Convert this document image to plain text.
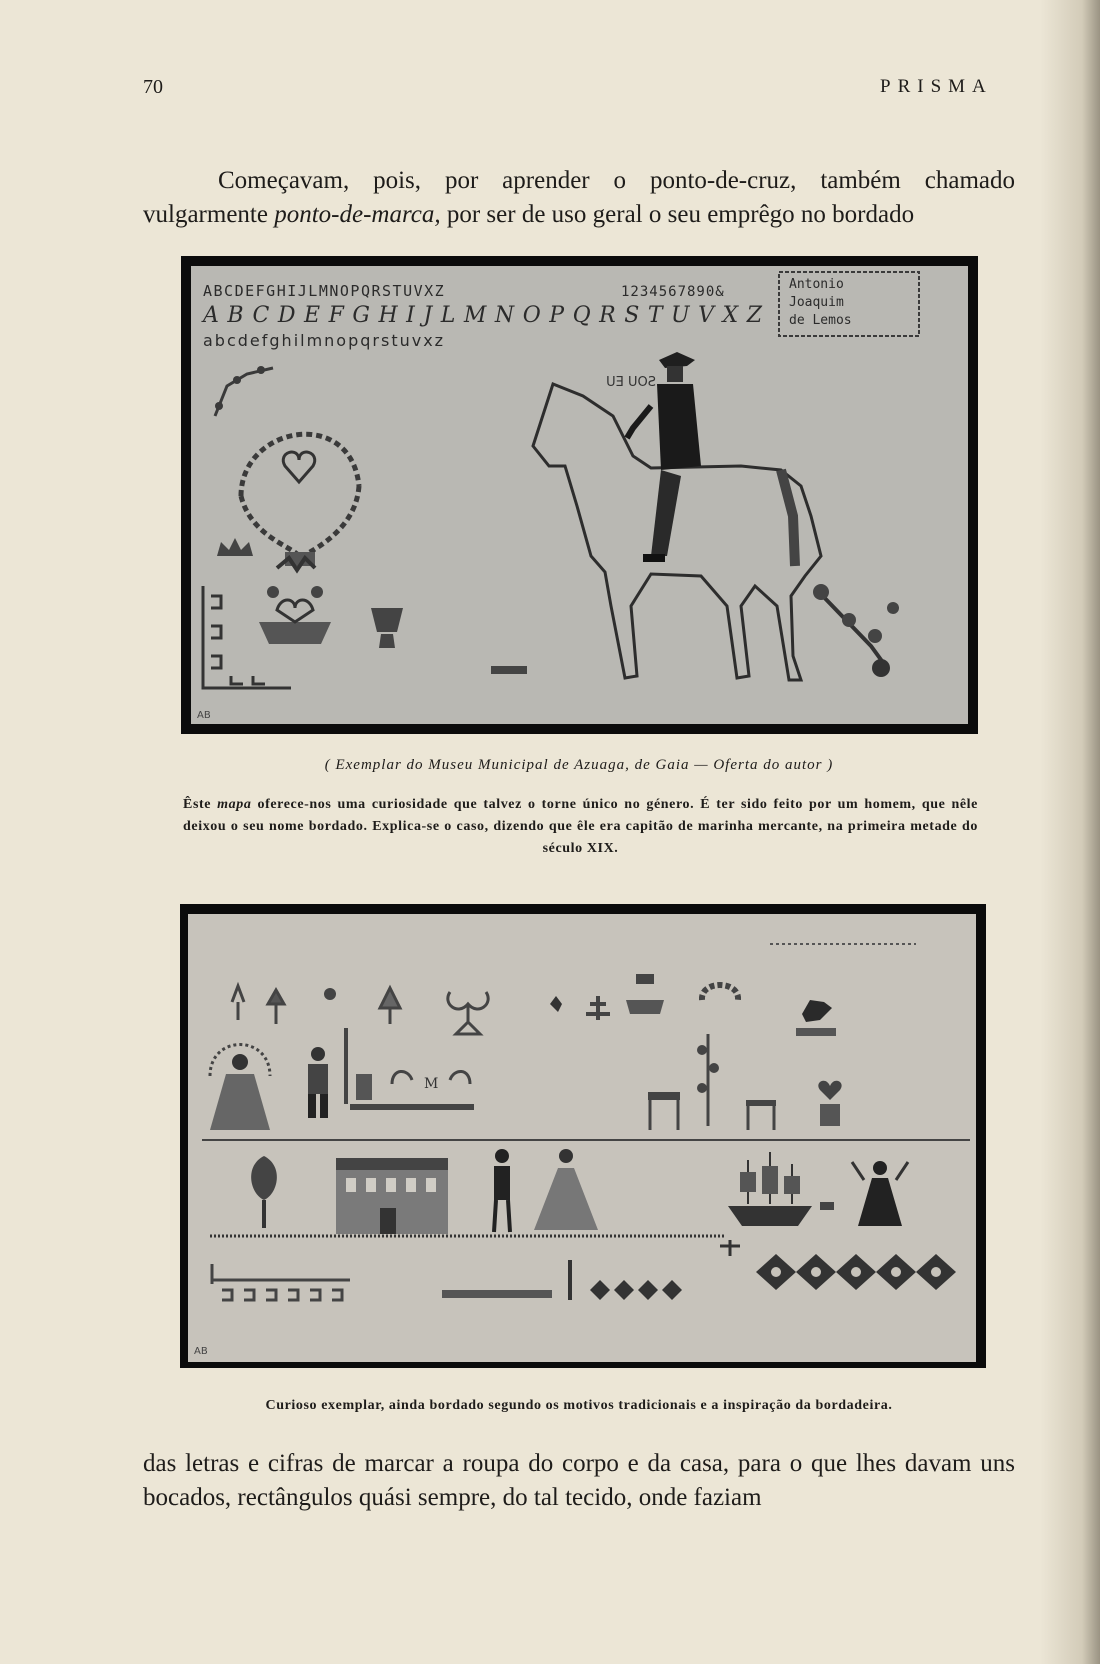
70	PRISMA

Começavam, pois, por aprender o ponto-de-cruz, também chamado vulgarmente ponto-de-marca, por ser de uso geral o seu emprêgo no bordado

ABCDEFGHIJLMNOPQRSTUVXZ	1234567890&
ABCDEFGHIJLMNOPQRSTUVXZ
abcdefghilmnopqrstuvxz
Antonio
Joaquim
de Lemos
SOU EU
AB

( Exemplar do Museu Municipal de Azuaga, de Gaia — Oferta do autor )

Êste mapa oferece-nos uma curiosidade que talvez o torne único no género. É ter sido feito por um homem, que nêle deixou o seu nome bordado. Explica-se o caso, dizendo que êle era capitão de marinha mercante, na primeira metade do século XIX.

M
AB

Curioso exemplar, ainda bordado segundo os motivos tradicionais e a inspiração da bordadeira.

das letras e cifras de marcar a roupa do corpo e da casa, para o que lhes davam uns bocados, rectângulos quási sempre, do tal tecido, onde faziam
